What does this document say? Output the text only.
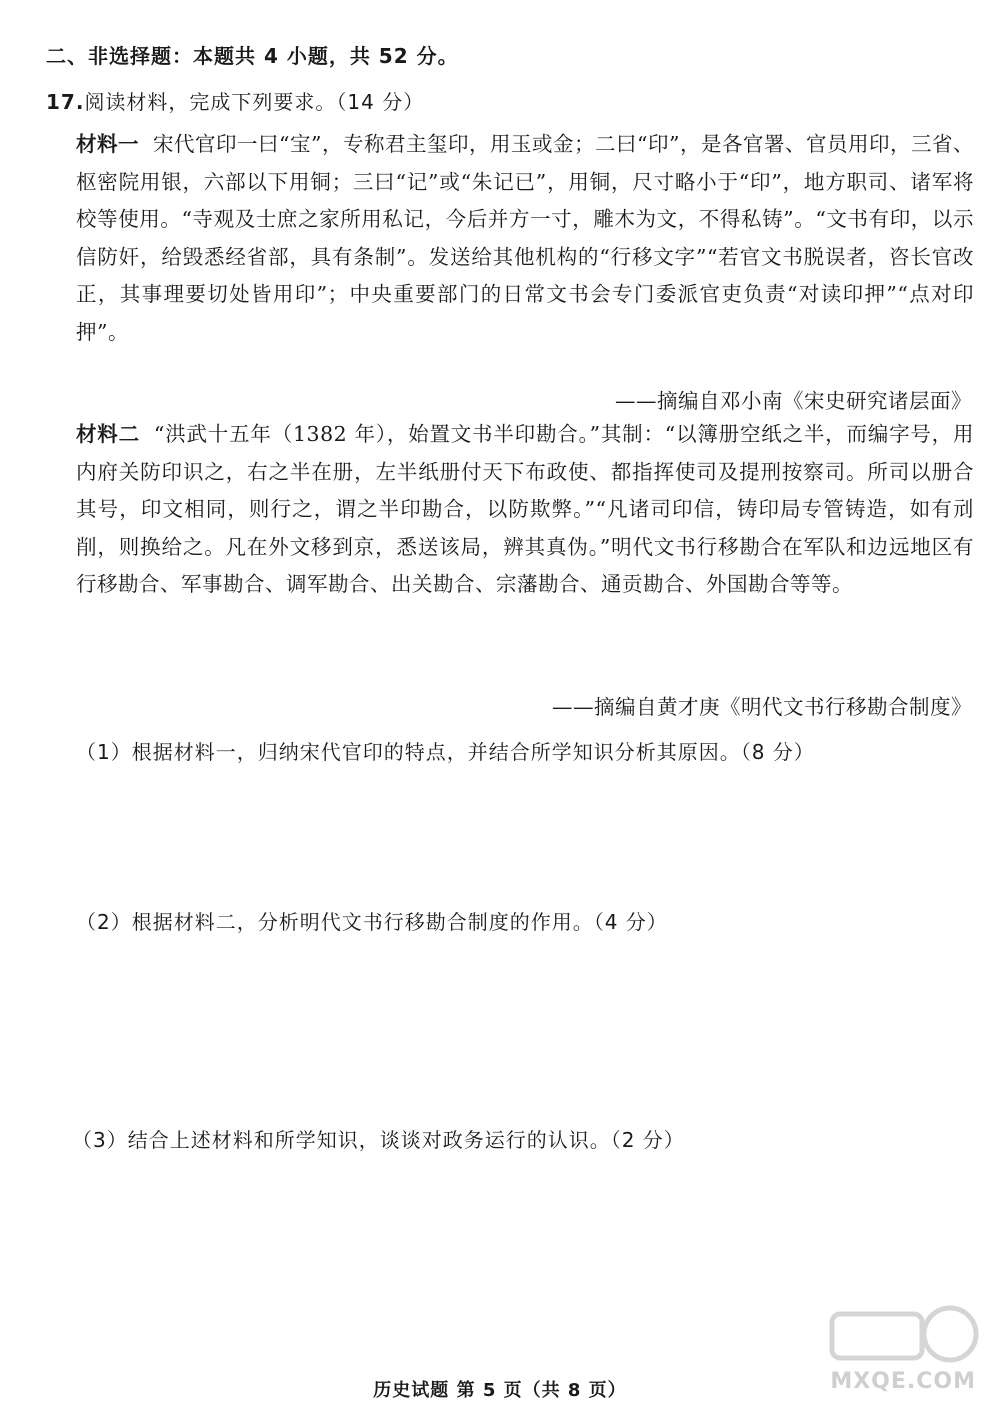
二、非选择题：本题共 4 小题，共 52 分。
17.阅读材料，完成下列要求。（14 分）
材料一 宋代官印一曰“宝”，专称君主玺印，用玉或金；二曰“印”，是各官署、官员用印，三省、枢密院用银，六部以下用铜；三曰“记”或“朱记已”，用铜，尺寸略小于“印”，地方职司、诸军将校等使用。“寺观及士庶之家所用私记，今后并方一寸，雕木为文，不得私铸”。“文书有印，以示信防奸，给毁悉经省部，具有条制”。发送给其他机构的“行移文字”“若官文书脱误者，咨长官改正，其事理要切处皆用印”；中央重要部门的日常文书会专门委派官吏负责“对读印押”“点对印押”。
——摘编自邓小南《宋史研究诸层面》
材料二 “洪武十五年（1382 年），始置文书半印勘合。”其制：“以簿册空纸之半，而编字号，用内府关防印识之，右之半在册，左半纸册付天下布政使、都指挥使司及提刑按察司。所司以册合其号，印文相同，则行之，谓之半印勘合，以防欺弊。”“凡诸司印信，铸印局专管铸造，如有刓削，则换给之。凡在外文移到京，悉送该局，辨其真伪。”明代文书行移勘合在军队和边远地区有行移勘合、军事勘合、调军勘合、出关勘合、宗藩勘合、通贡勘合、外国勘合等等。
——摘编自黄才庚《明代文书行移勘合制度》
（1）根据材料一，归纳宋代官印的特点，并结合所学知识分析其原因。（8 分）
（2）根据材料二，分析明代文书行移勘合制度的作用。（4 分）
（3）结合上述材料和所学知识，谈谈对政务运行的认识。（2 分）
MXQE.COM
历史试题 第 5 页（共 8 页）
